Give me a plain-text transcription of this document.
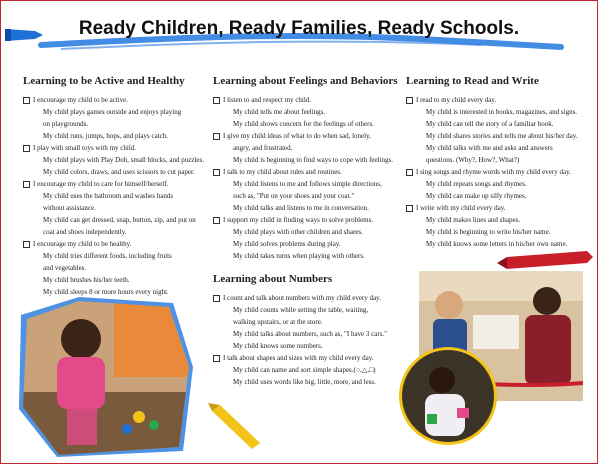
Ready Children, Ready Families, Ready Schools.
Learning to be Active and Healthy
I encourage my child to be active.
My child plays games outside and enjoys playing
on playgrounds.
My child runs, jumps, hops, and plays catch.
I play with small toys with my child.
My child plays with Play Doh, small blocks, and puzzles.
My child colors, draws, and uses scissors to cut paper.
I encourage my child to care for himself/herself.
My child uses the bathroom and washes hands
without assistance.
My child can get dressed, snap, button, zip, and put on
coat and shoes independently.
I encourage my child to be healthy.
My child tries different foods, including fruits
and vegetables.
My child brushes his/her teeth.
My child sleeps 8 or more hours every night.
Learning about Feelings and Behaviors
I listen to and respect my child.
My child tells me about feelings.
My child shows concern for the feelings of others.
I give my child ideas of what to do when sad, lonely,
angry, and frustrated.
My child is beginning to find ways to cope with feelings.
I talk to my child about rules and routines.
My child listens to me and follows simple directions,
such as, "Put on your shoes and your coat."
My child talks and listens to me in conversation.
I support my child in finding ways to solve problems.
My child plays with other children and shares.
My child solves problems during play.
My child takes turns when playing with others.
Learning about Numbers
I count and talk about numbers with my child every day.
My child counts while setting the table, waiting,
walking upstairs, or at the store.
My child talks about numbers, such as, "I have 3 cars."
My child knows some numbers.
I talk about shapes and sizes with my child every day.
My child can name and sort simple shapes.(○,△,□)
My child uses words like big, little, more, and less.
Learning to Read and Write
I read to my child every day.
My child is interested in books, magazines, and signs.
My child can tell the story of a familiar book.
My child shares stories and tells me about his/her day.
My child talks with me and asks and answers
questions. (Why?, How?, What?)
I sing songs and rhyme words with my child every day.
My child repeats songs and rhymes.
My child can make up silly rhymes.
I write with my child every day.
My child makes lines and shapes.
My child is beginning to write his/her name.
My child knows some letters in his/her own name.
